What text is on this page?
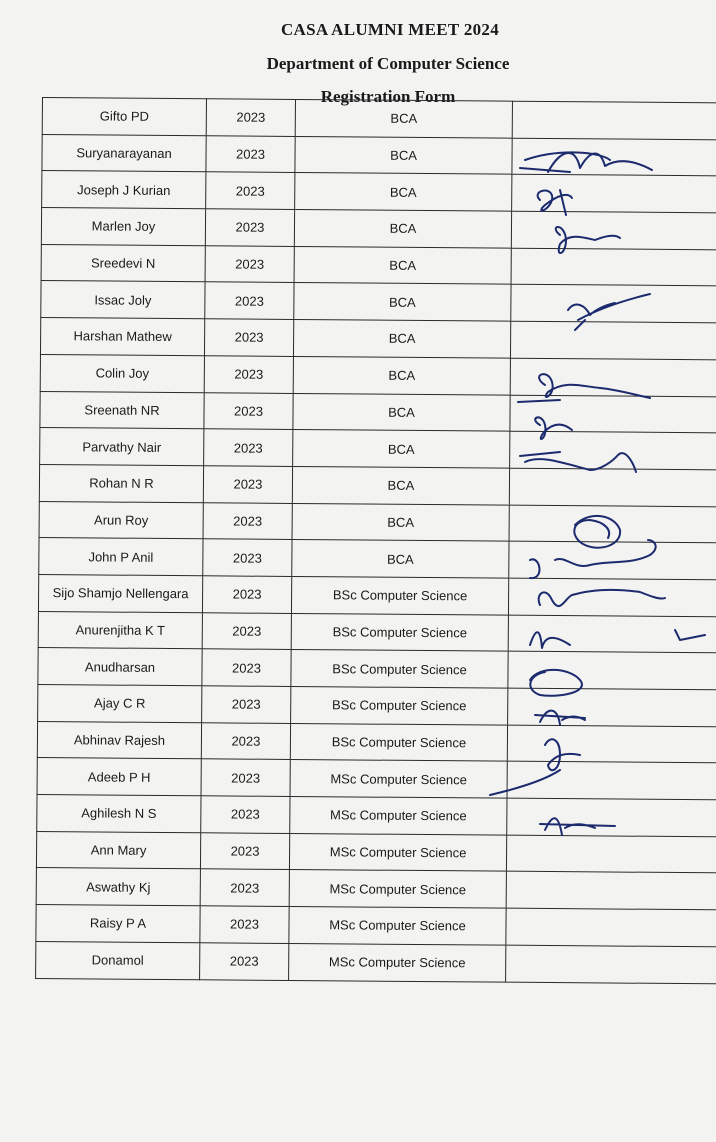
CASA ALUMNI MEET 2024
Department of Computer Science
Registration Form
Gifto PD	2023	BCA	
Suryanarayanan	2023	BCA	
Joseph J Kurian	2023	BCA	
Marlen Joy	2023	BCA	
Sreedevi N	2023	BCA	
Issac Joly	2023	BCA	
Harshan Mathew	2023	BCA	
Colin Joy	2023	BCA	
Sreenath NR	2023	BCA	
Parvathy Nair	2023	BCA	
Rohan N R	2023	BCA	
Arun Roy	2023	BCA	
John P Anil	2023	BCA	
Sijo Shamjo Nellengara	2023	BSc Computer Science	
Anurenjitha K T	2023	BSc Computer Science	
Anudharsan	2023	BSc Computer Science	
Ajay C R	2023	BSc Computer Science	
Abhinav Rajesh	2023	BSc Computer Science	
Adeeb P H	2023	MSc Computer Science	
Aghilesh N S	2023	MSc Computer Science	
Ann Mary	2023	MSc Computer Science	
Aswathy Kj	2023	MSc Computer Science	
Raisy P A	2023	MSc Computer Science	
Donamol	2023	MSc Computer Science	
